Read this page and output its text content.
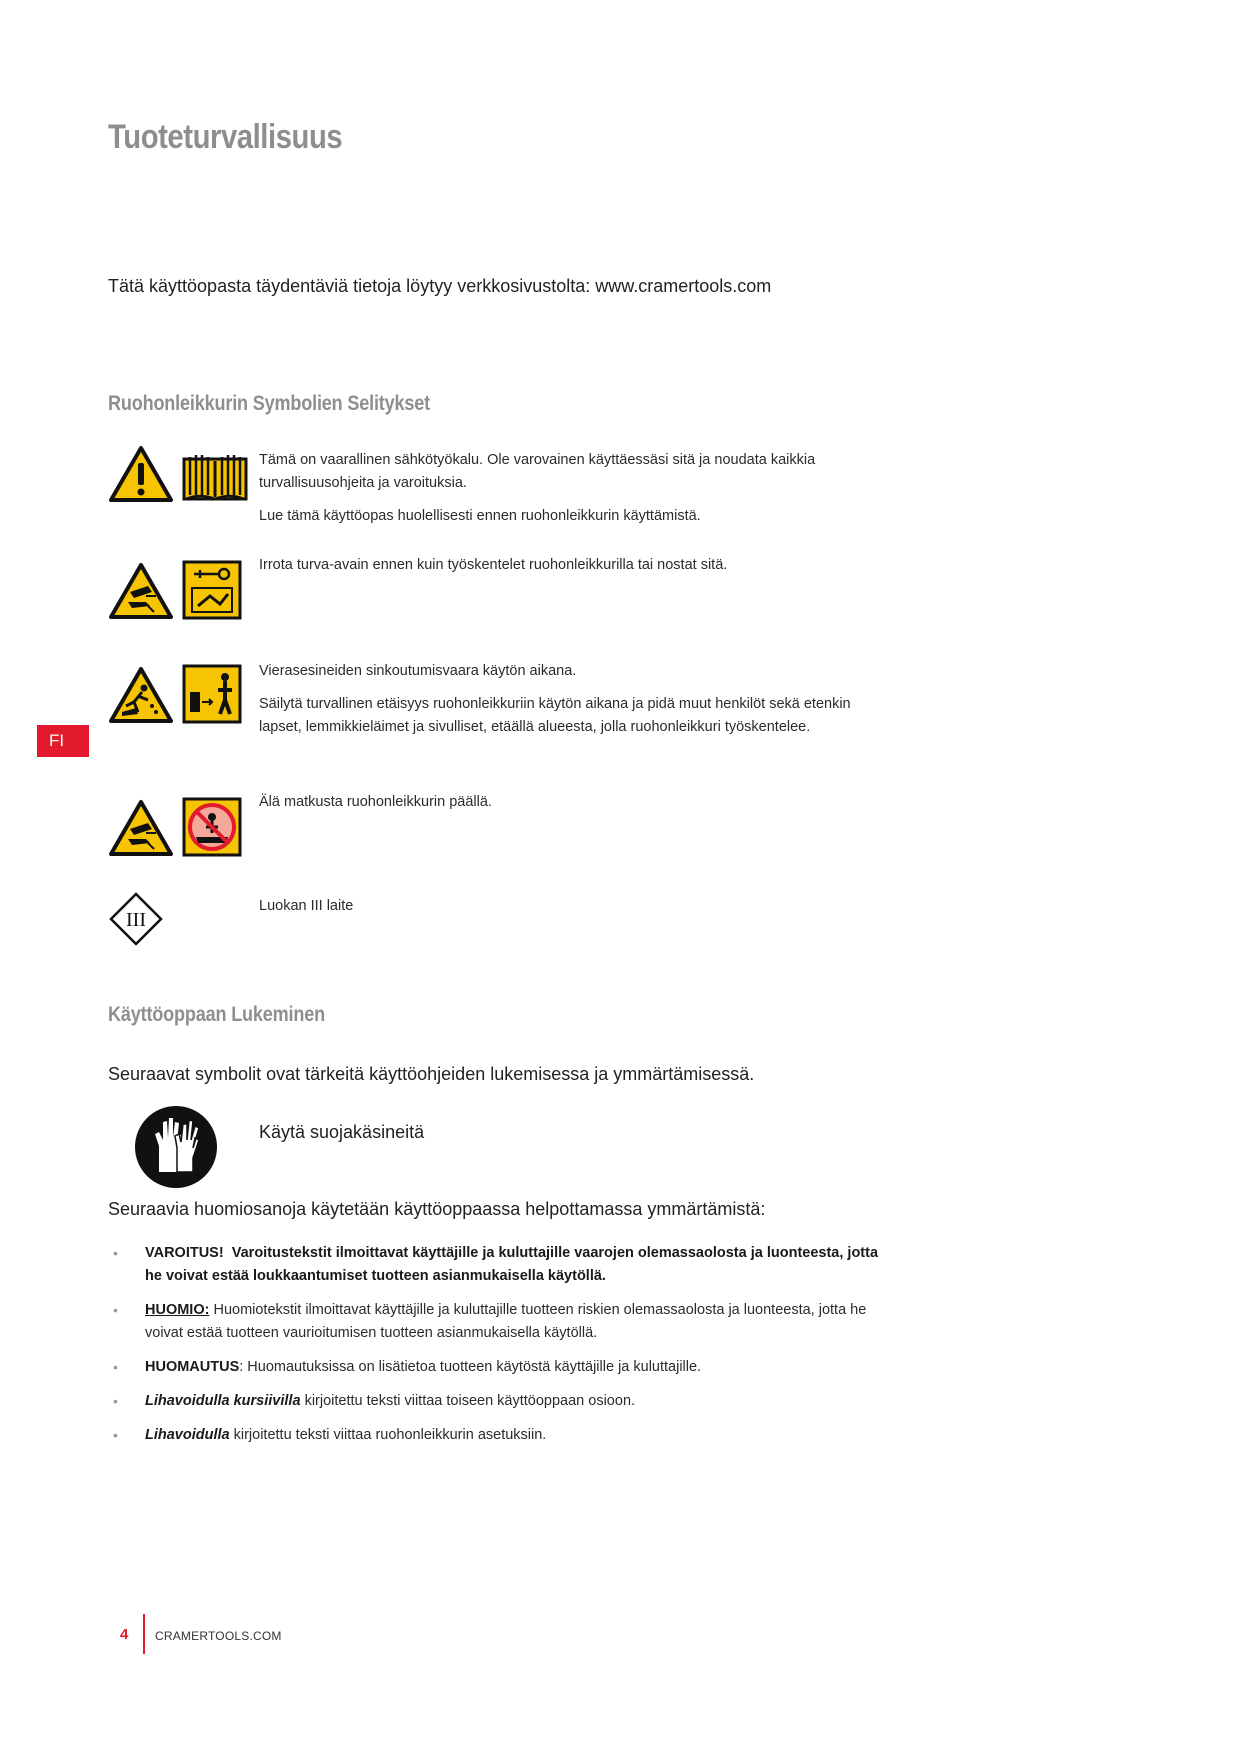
Tuoteturvallisuus
Tätä käyttöopasta täydentäviä tietoja löytyy verkkosivustolta: www.cramertools.com
FI
Ruohonleikkurin Symbolien Selitykset

Tämä on vaarallinen sähkötyökalu. Ole varovainen käyttäessäsi sitä ja noudata kaikkia turvallisuusohjeita ja varoituksia.

Lue tämä käyttöopas huolellisesti ennen ruohonleikkurin käyttämistä.

Irrota turva-avain ennen kuin työskentelet ruohonleikkurilla tai nostat sitä.

Vierasesineiden sinkoutumisvaara käytön aikana.

Säilytä turvallinen etäisyys ruohonleikkuriin käytön aikana ja pidä muut henkilöt sekä etenkin lapset, lemmikkieläimet ja sivulliset, etäällä alueesta, jolla ruohonleikkuri työskentelee.

Älä matkusta ruohonleikkurin päällä.

III

Luokan III laite

Käyttöoppaan Lukeminen
Seuraavat symbolit ovat tärkeitä käyttöohjeiden lukemisessa ja ymmärtämisessä.
Käytä suojakäsineitä
Seuraavia huomiosanoja käytetään käyttöoppaassa helpottamassa ymmärtämistä:
• VAROITUS! Varoitustekstit ilmoittavat käyttäjille ja kuluttajille vaarojen olemassaolosta ja luonteesta, jotta he voivat estää loukkaantumiset tuotteen asianmukaisella käytöllä.
• HUOMIO: Huomiotekstit ilmoittavat käyttäjille ja kuluttajille tuotteen riskien olemassaolosta ja luonteesta, jotta he voivat estää tuotteen vaurioitumisen tuotteen asianmukaisella käytöllä.
• HUOMAUTUS: Huomautuksissa on lisätietoa tuotteen käytöstä käyttäjille ja kuluttajille.
• Lihavoidulla kursiivilla kirjoitettu teksti viittaa toiseen käyttöoppaan osioon.
• Lihavoidulla kirjoitettu teksti viittaa ruohonleikkurin asetuksiin.
4 CRAMERTOOLS.COM
